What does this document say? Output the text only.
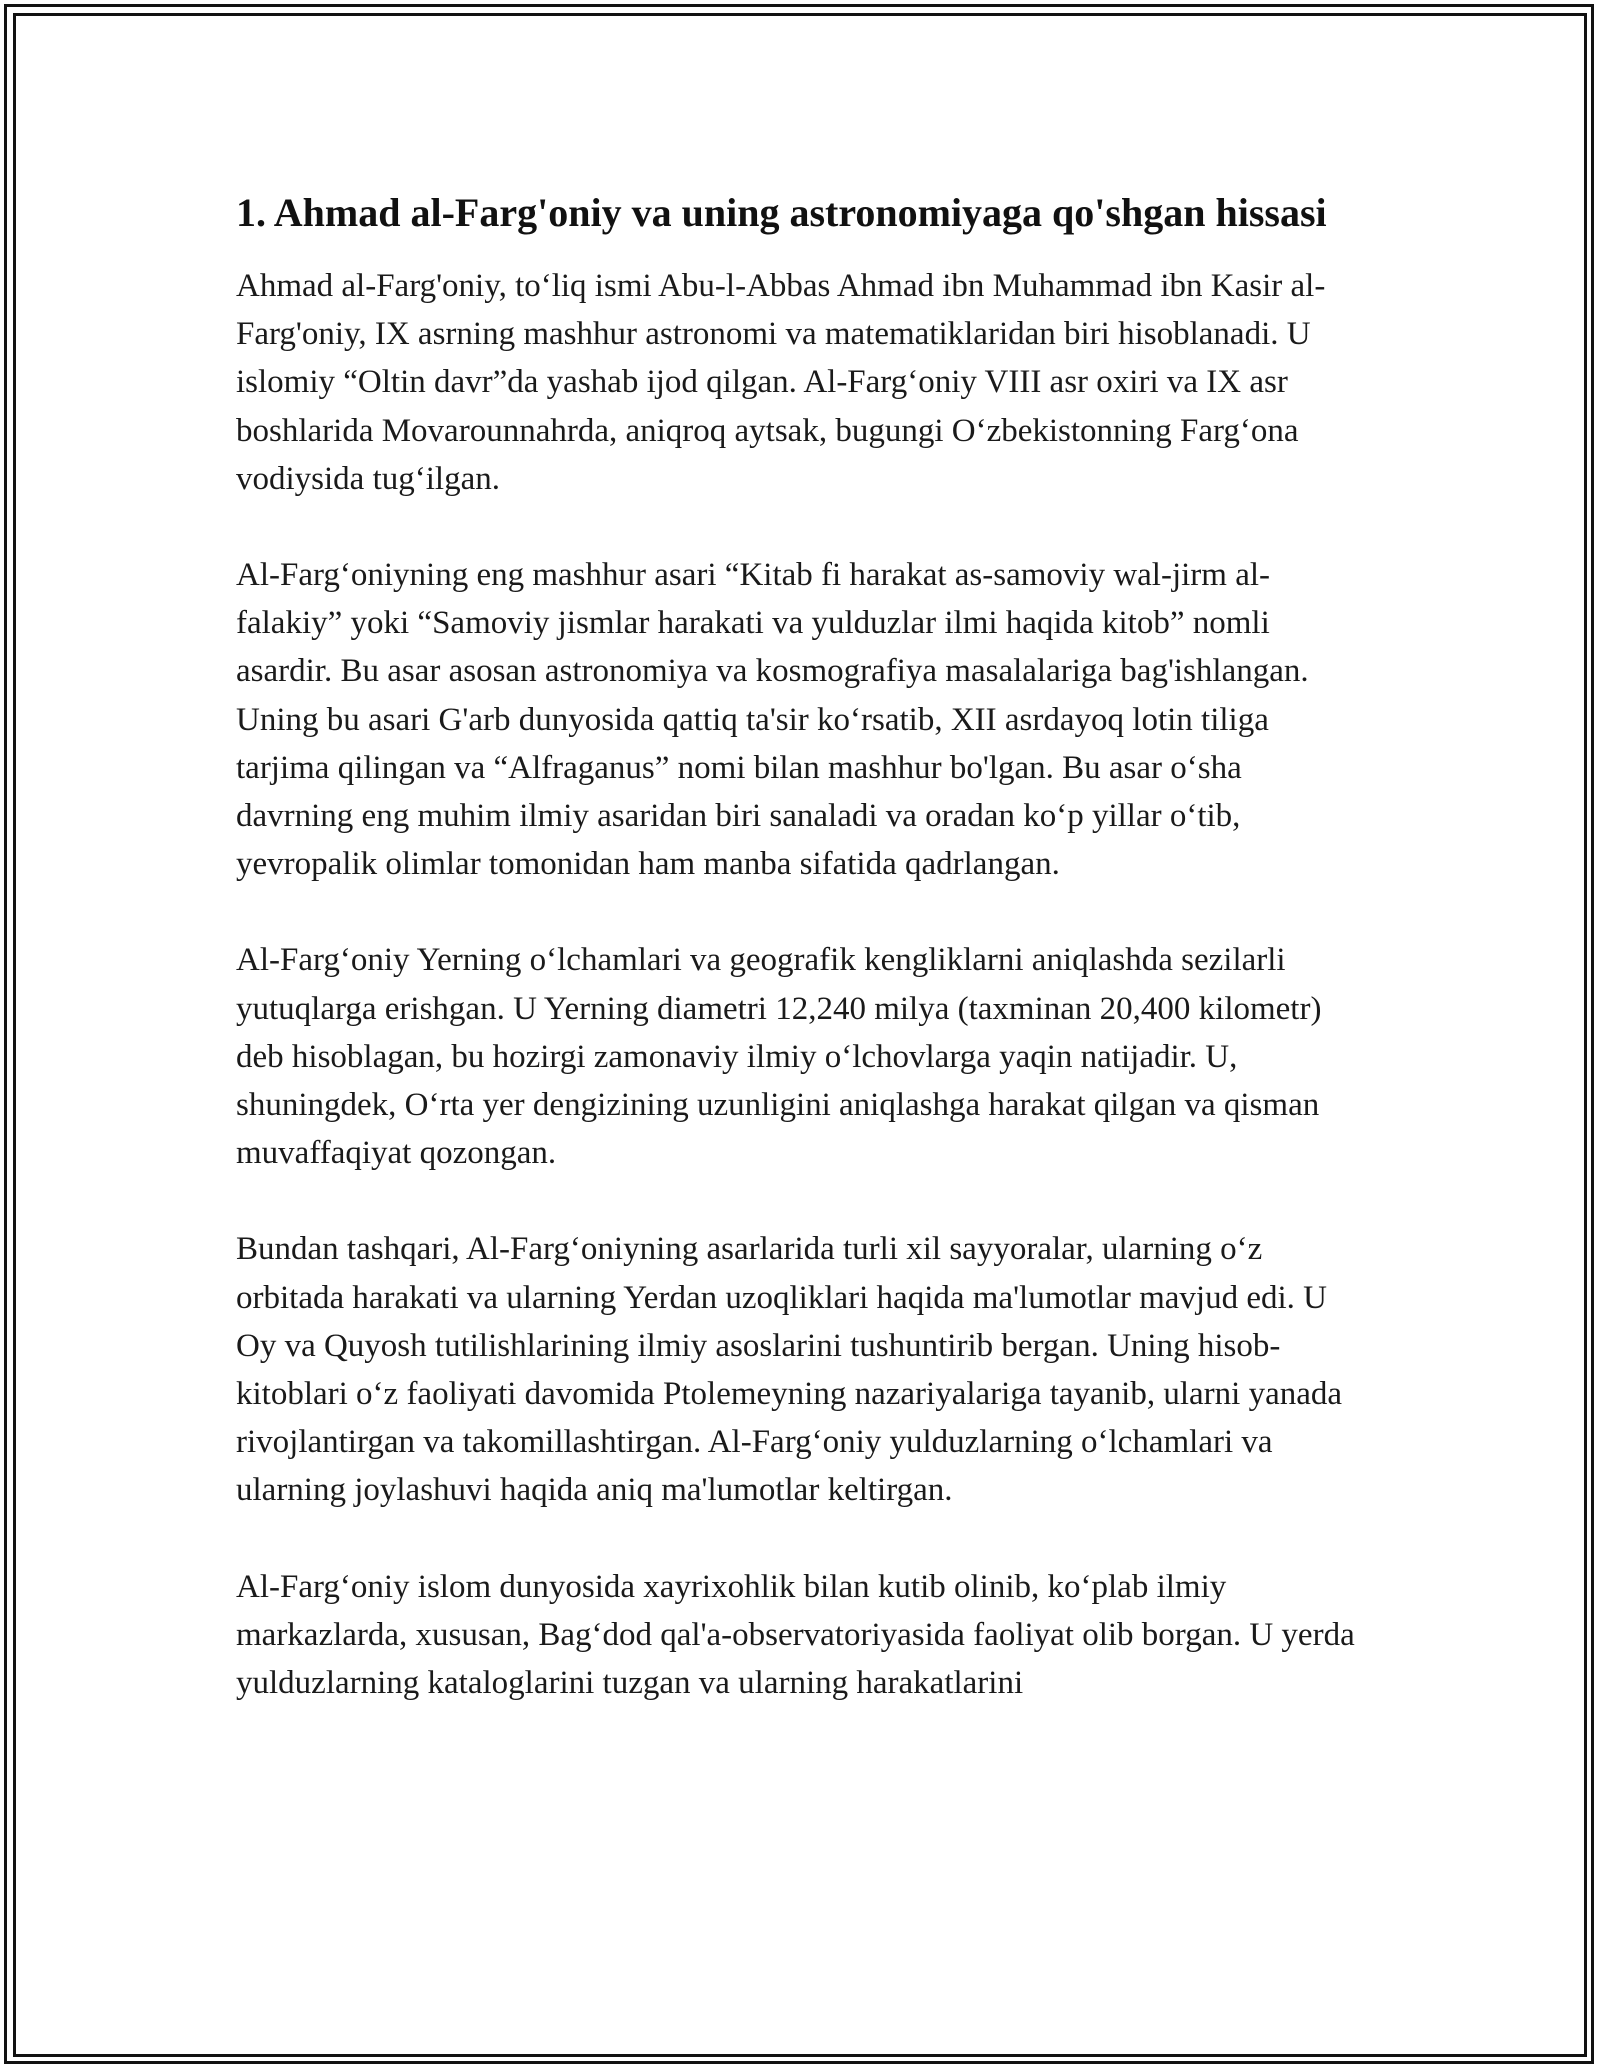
1. Ahmad al-Farg'oniy va uning astronomiyaga qo'shgan hissasi

Ahmad al-Farg'oniy, to‘liq ismi Abu-l-Abbas Ahmad ibn Muhammad ibn Kasir al-Farg'oniy, IX asrning mashhur astronomi va matematiklaridan biri hisoblanadi. U islomiy “Oltin davr”da yashab ijod qilgan. Al-Farg‘oniy VIII asr oxiri va IX asr boshlarida Movarounnahrda, aniqroq aytsak, bugungi O‘zbekistonning Farg‘ona vodiysida tug‘ilgan.

Al-Farg‘oniyning eng mashhur asari “Kitab fi harakat as-samoviy wal-jirm al-falakiy” yoki “Samoviy jismlar harakati va yulduzlar ilmi haqida kitob” nomli asardir. Bu asar asosan astronomiya va kosmografiya masalalariga bag'ishlangan. Uning bu asari G'arb dunyosida qattiq ta'sir ko‘rsatib, XII asrdayoq lotin tiliga tarjima qilingan va “Alfraganus” nomi bilan mashhur bo'lgan. Bu asar o‘sha davrning eng muhim ilmiy asaridan biri sanaladi va oradan ko‘p yillar o‘tib, yevropalik olimlar tomonidan ham manba sifatida qadrlangan.

Al-Farg‘oniy Yerning o‘lchamlari va geografik kengliklarni aniqlashda sezilarli yutuqlarga erishgan. U Yerning diametri 12,240 milya (taxminan 20,400 kilometr) deb hisoblagan, bu hozirgi zamonaviy ilmiy o‘lchovlarga yaqin natijadir. U, shuningdek, O‘rta yer dengizining uzunligini aniqlashga harakat qilgan va qisman muvaffaqiyat qozongan.

Bundan tashqari, Al-Farg‘oniyning asarlarida turli xil sayyoralar, ularning o‘z orbitada harakati va ularning Yerdan uzoqliklari haqida ma'lumotlar mavjud edi. U Oy va Quyosh tutilishlarining ilmiy asoslarini tushuntirib bergan. Uning hisob-kitoblari o‘z faoliyati davomida Ptolemeyning nazariyalariga tayanib, ularni yanada rivojlantirgan va takomillashtirgan. Al-Farg‘oniy yulduzlarning o‘lchamlari va ularning joylashuvi haqida aniq ma'lumotlar keltirgan.

Al-Farg‘oniy islom dunyosida xayrixohlik bilan kutib olinib, ko‘plab ilmiy markazlarda, xususan, Bag‘dod qal'a-observatoriyasida faoliyat olib borgan. U yerda yulduzlarning kataloglarini tuzgan va ularning harakatlarini
